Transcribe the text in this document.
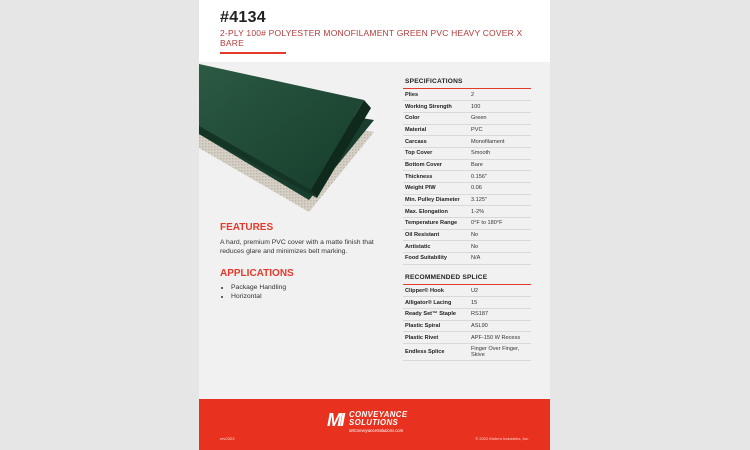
#4134
2-PLY 100# POLYESTER MONOFILAMENT GREEN PVC HEAVY COVER X BARE
FEATURES
A hard, premium PVC cover with a matte finish that reduces glare and minimizes belt marking.
APPLICATIONS
• Package Handling
• Horizontal
SPECIFICATIONS
Plies	2
Working Strength	100
Color	Green
Material	PVC
Carcass	Monofilament
Top Cover	Smooth
Bottom Cover	Bare
Thickness	0.156"
Weight PIW	0.06
Min. Pulley Diameter	3.125"
Max. Elongation	1-2%
Temperature Range	0°F to 180°F
Oil Resistant	No
Antistatic	No
Food Suitability	N/A
RECOMMENDED SPLICE
Clipper® Hook	U2
Alligator® Lacing	15
Ready Set™ Staple	RS187
Plastic Spiral	ASL90
Plastic Rivet	APF-150 W Recess
Endless Splice	Finger Over Finger, Skive
MI CONVEYANCE
SOLUTIONS
MIConveyanceSolutions.com
rev0323	© 2022 Mohrm Industries, Inc.
